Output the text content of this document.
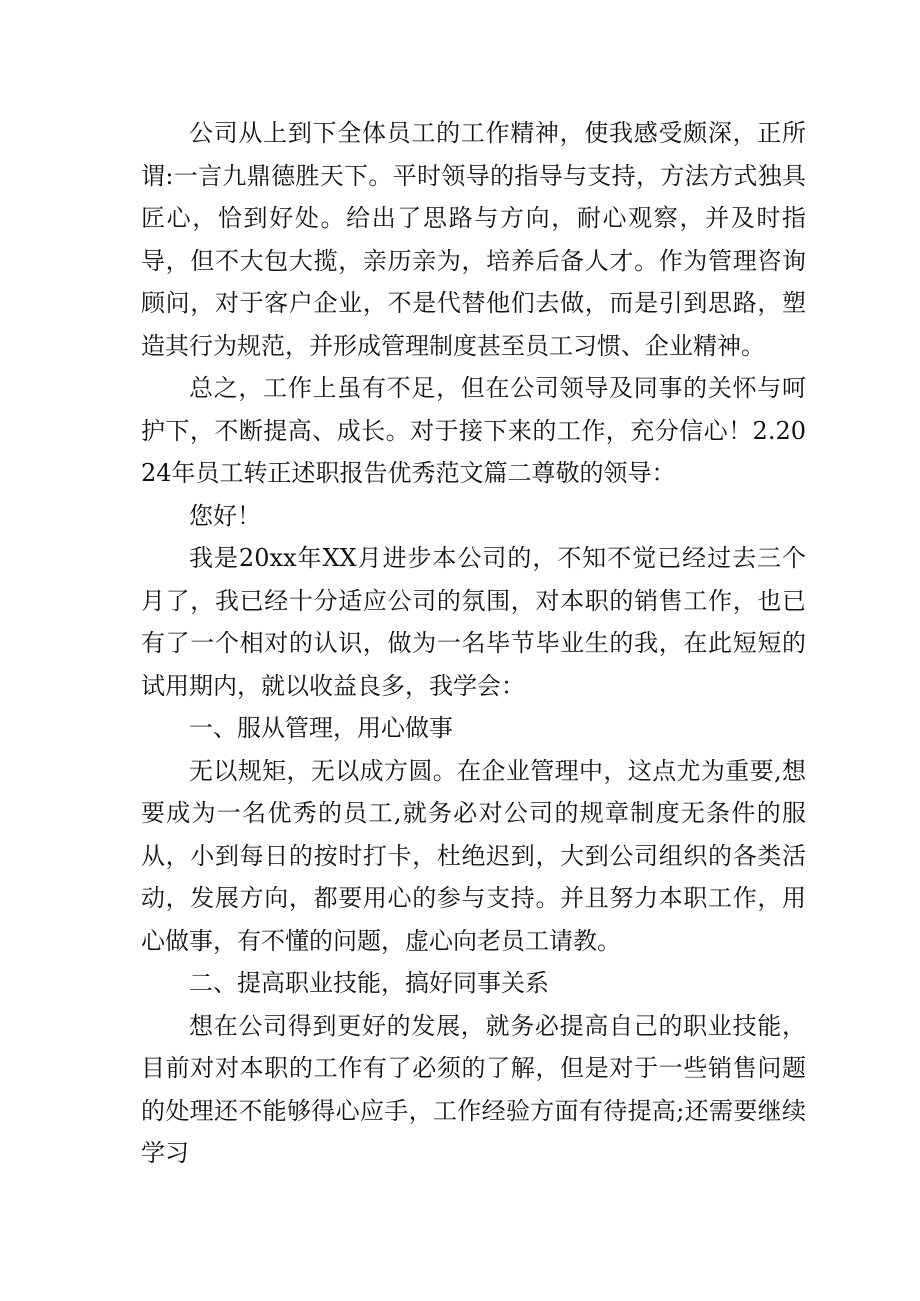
公司从上到下全体员工的工作精神，使我感受颇深，正所谓:一言九鼎德胜天下。平时领导的指导与支持，方法方式独具匠心，恰到好处。给出了思路与方向，耐心观察，并及时指导，但不大包大揽，亲历亲为，培养后备人才。作为管理咨询顾问，对于客户企业，不是代替他们去做，而是引到思路，塑造其行为规范，并形成管理制度甚至员工习惯、企业精神。

总之，工作上虽有不足，但在公司领导及同事的关怀与呵护下，不断提高、成长。对于接下来的工作，充分信心！2.2024年员工转正述职报告优秀范文篇二尊敬的领导：

您好！

我是20xx年XX月进步本公司的，不知不觉已经过去三个月了，我已经十分适应公司的氛围，对本职的销售工作，也已有了一个相对的认识，做为一名毕节毕业生的我，在此短短的试用期内，就以收益良多，我学会：

一、服从管理，用心做事

无以规矩，无以成方圆。在企业管理中，这点尤为重要,想要成为一名优秀的员工,就务必对公司的规章制度无条件的服从，小到每日的按时打卡，杜绝迟到，大到公司组织的各类活动，发展方向，都要用心的参与支持。并且努力本职工作，用心做事，有不懂的问题，虚心向老员工请教。

二、提高职业技能，搞好同事关系

想在公司得到更好的发展，就务必提高自己的职业技能，目前对对本职的工作有了必须的了解，但是对于一些销售问题的处理还不能够得心应手，工作经验方面有待提高;还需要继续学习
